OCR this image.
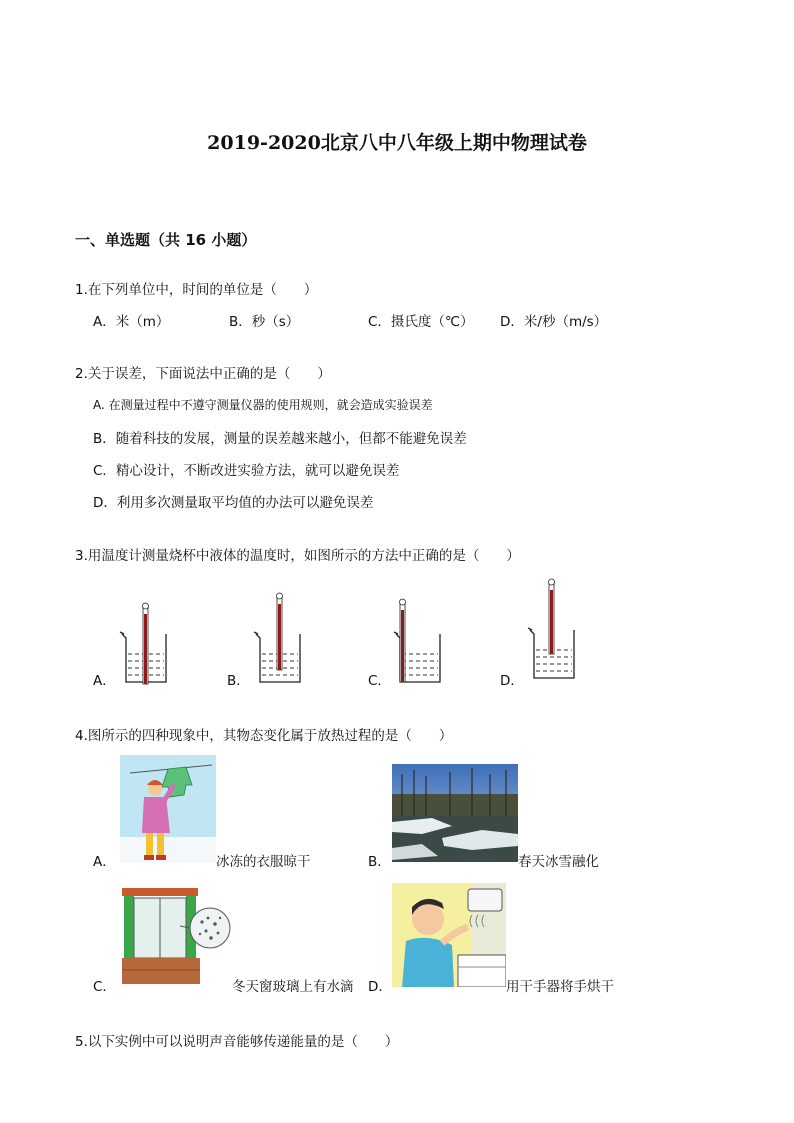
2019-2020北京八中八年级上期中物理试卷
一、单选题（共 16 小题）
1.在下列单位中，时间的单位是（　　）
A．米（m）	B．秒（s）	C．摄氏度（℃） D．米/秒（m/s）
2.关于误差，下面说法中正确的是（　　）
A. 在测量过程中不遵守测量仪器的使用规则，就会造成实验误差
B．随着科技的发展，测量的误差越来越小，但都不能避免误差
C．精心设计，不断改进实验方法，就可以避免误差
D．利用多次测量取平均值的办法可以避免误差
3.用温度计测量烧杯中液体的温度时，如图所示的方法中正确的是（　　）
A．	B．	C．	D．
4.图所示的四种现象中，其物态变化属于放热过程的是（　　）
A．	冰冻的衣服晾干	B．	春天冰雪融化
C．	冬天窗玻璃上有水滴 D．	用干手器将手烘干
5.以下实例中可以说明声音能够传递能量的是（　　）
